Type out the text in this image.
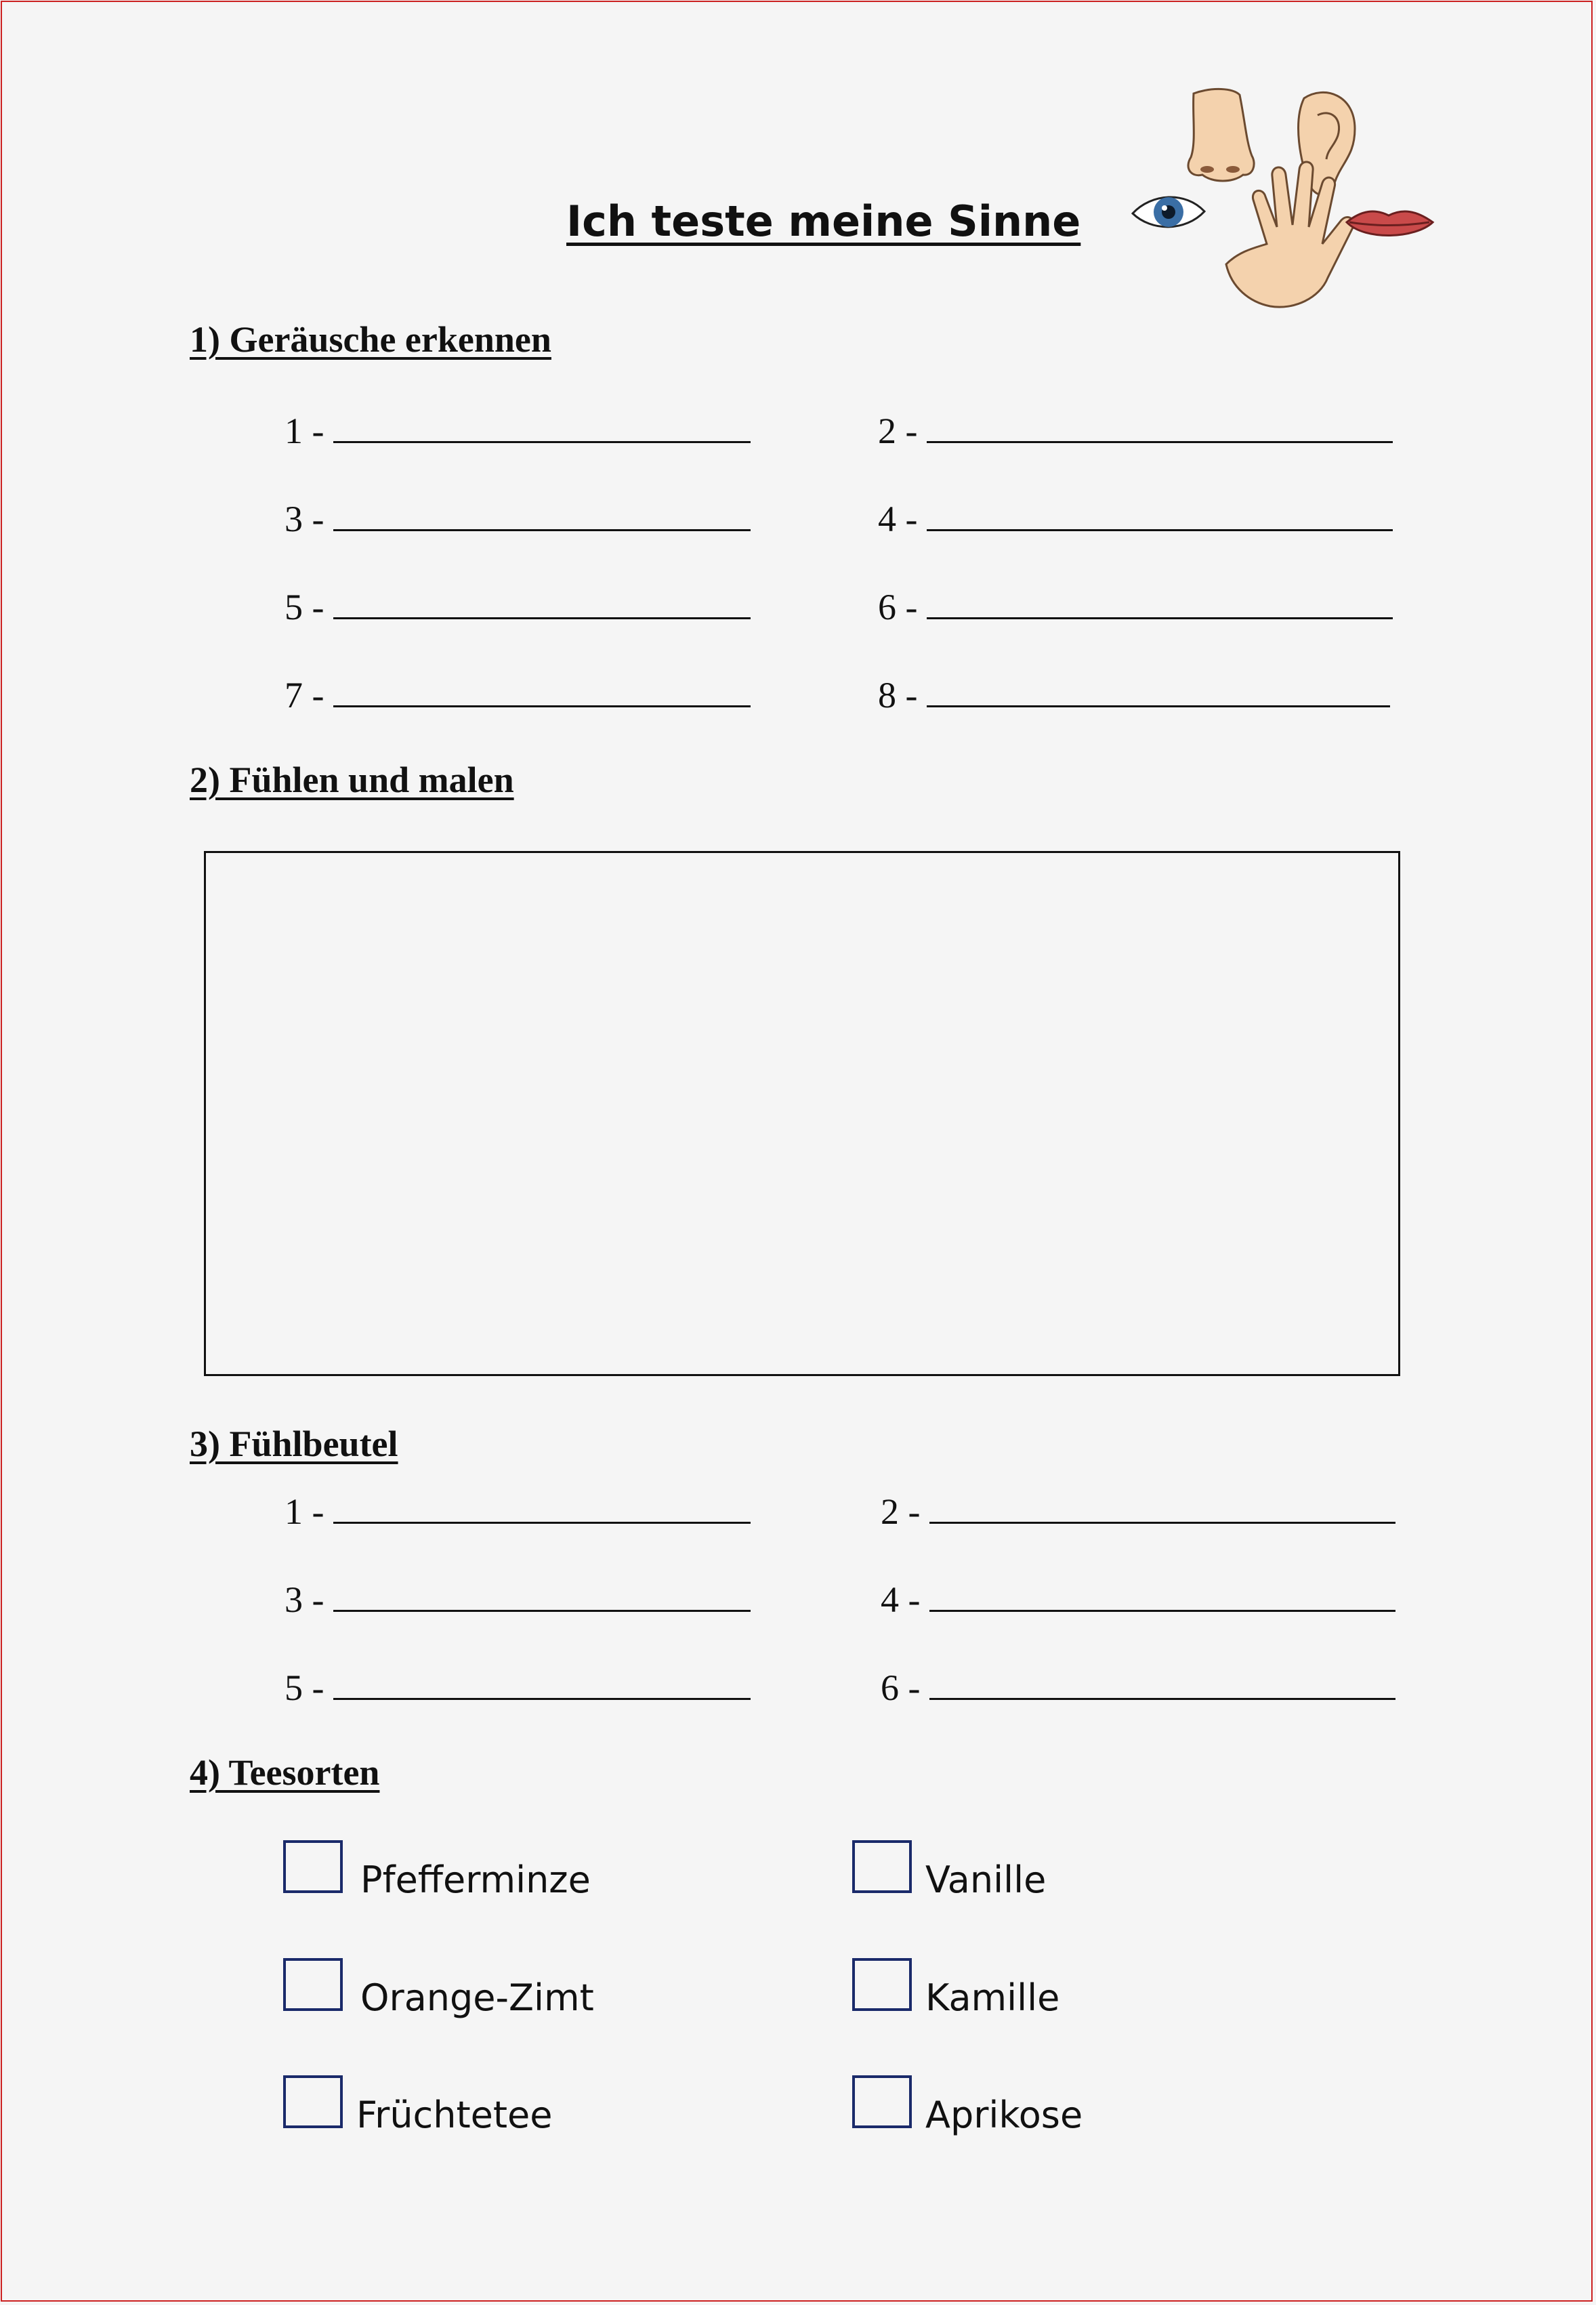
Ich teste meine Sinne
1) Geräusche erkennen
1 -	2 -
3 -	4 -
5 -	6 -
7 -	8 -
2) Fühlen und malen
3) Fühlbeutel
1 -	2 -
3 -	4 -
5 -	6 -
4) Teesorten
Pfefferminze	Vanille
Orange-Zimt	Kamille
Früchtetee	Aprikose
